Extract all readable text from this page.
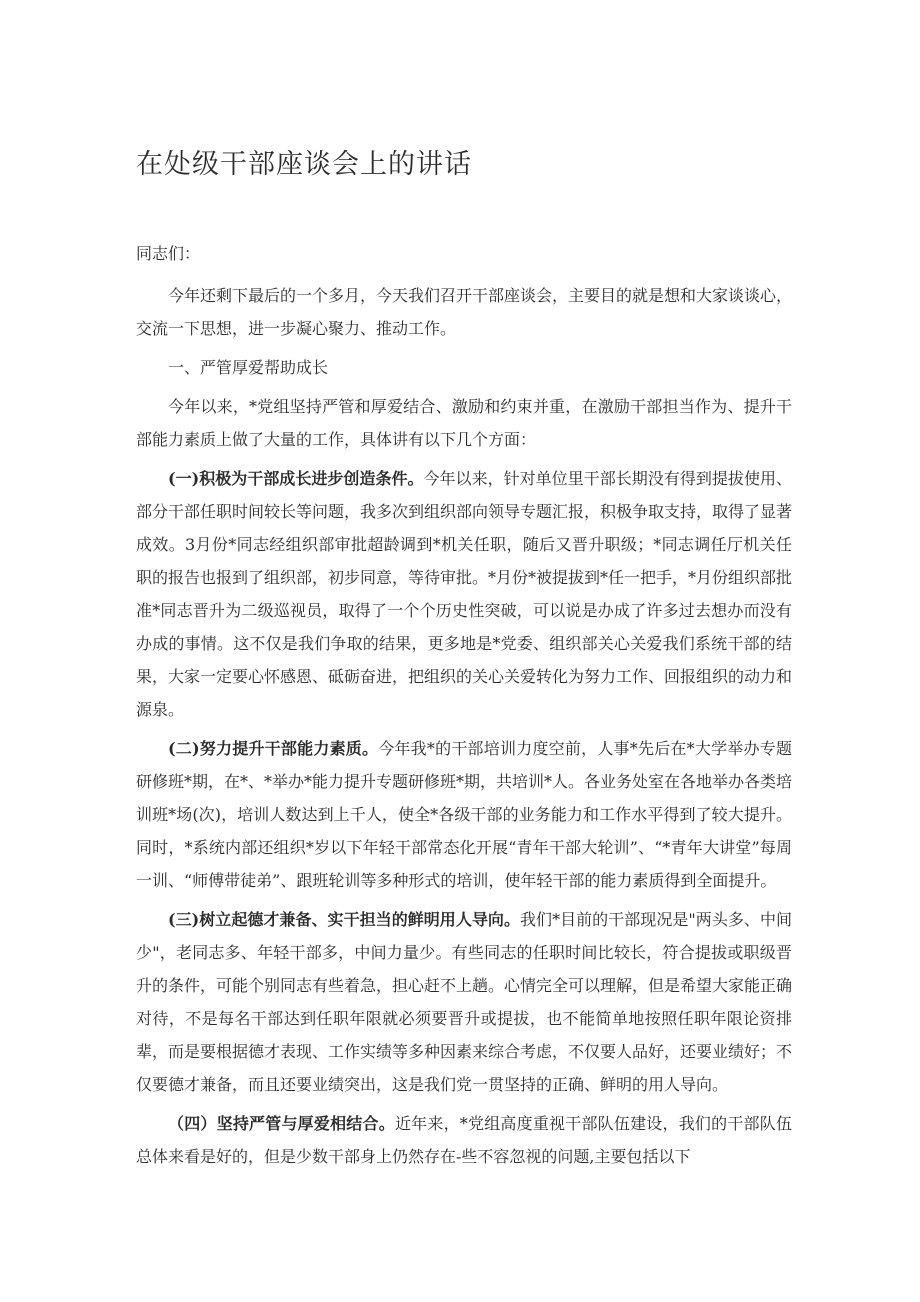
在处级干部座谈会上的讲话

同志们：

今年还剩下最后的一个多月，今天我们召开干部座谈会，主要目的就是想和大家谈谈心，交流一下思想，进一步凝心聚力、推动工作。

一、严管厚爱帮助成长

今年以来，*党组坚持严管和厚爱结合、激励和约束并重，在激励干部担当作为、提升干部能力素质上做了大量的工作，具体讲有以下几个方面：

(一)积极为干部成长进步创造条件。今年以来，针对单位里干部长期没有得到提拔使用、部分干部任职时间较长等问题，我多次到组织部向领导专题汇报，积极争取支持，取得了显著成效。3月份*同志经组织部审批超龄调到*机关任职，随后又晋升职级；*同志调任厅机关任职的报告也报到了组织部，初步同意，等待审批。*月份*被提拔到*任一把手，*月份组织部批准*同志晋升为二级巡视员，取得了一个个历史性突破，可以说是办成了许多过去想办而没有办成的事情。这不仅是我们争取的结果，更多地是*党委、组织部关心关爱我们系统干部的结果，大家一定要心怀感恩、砥砺奋进，把组织的关心关爱转化为努力工作、回报组织的动力和源泉。

(二)努力提升干部能力素质。今年我*的干部培训力度空前，人事*先后在*大学举办专题研修班*期，在*、*举办*能力提升专题研修班*期，共培训*人。各业务处室在各地举办各类培训班*场(次)，培训人数达到上千人，使全*各级干部的业务能力和工作水平得到了较大提升。同时，*系统内部还组织*岁以下年轻干部常态化开展“青年干部大轮训”、“*青年大讲堂”每周一训、“师傅带徒弟”、跟班轮训等多种形式的培训，使年轻干部的能力素质得到全面提升。

(三)树立起德才兼备、实干担当的鲜明用人导向。我们*目前的干部现况是"两头多、中间少"，老同志多、年轻干部多，中间力量少。有些同志的任职时间比较长，符合提拔或职级晋升的条件，可能个别同志有些着急，担心赶不上趟。心情完全可以理解，但是希望大家能正确对待，不是每名干部达到任职年限就必须要晋升或提拔，也不能简单地按照任职年限论资排辈，而是要根据德才表现、工作实绩等多种因素来综合考虑，不仅要人品好，还要业绩好；不仅要德才兼备，而且还要业绩突出，这是我们党一贯坚持的正确、鲜明的用人导向。

（四）坚持严管与厚爱相结合。近年来，*党组高度重视干部队伍建设，我们的干部队伍总体来看是好的，但是少数干部身上仍然存在-些不容忽视的问题,主要包括以下
